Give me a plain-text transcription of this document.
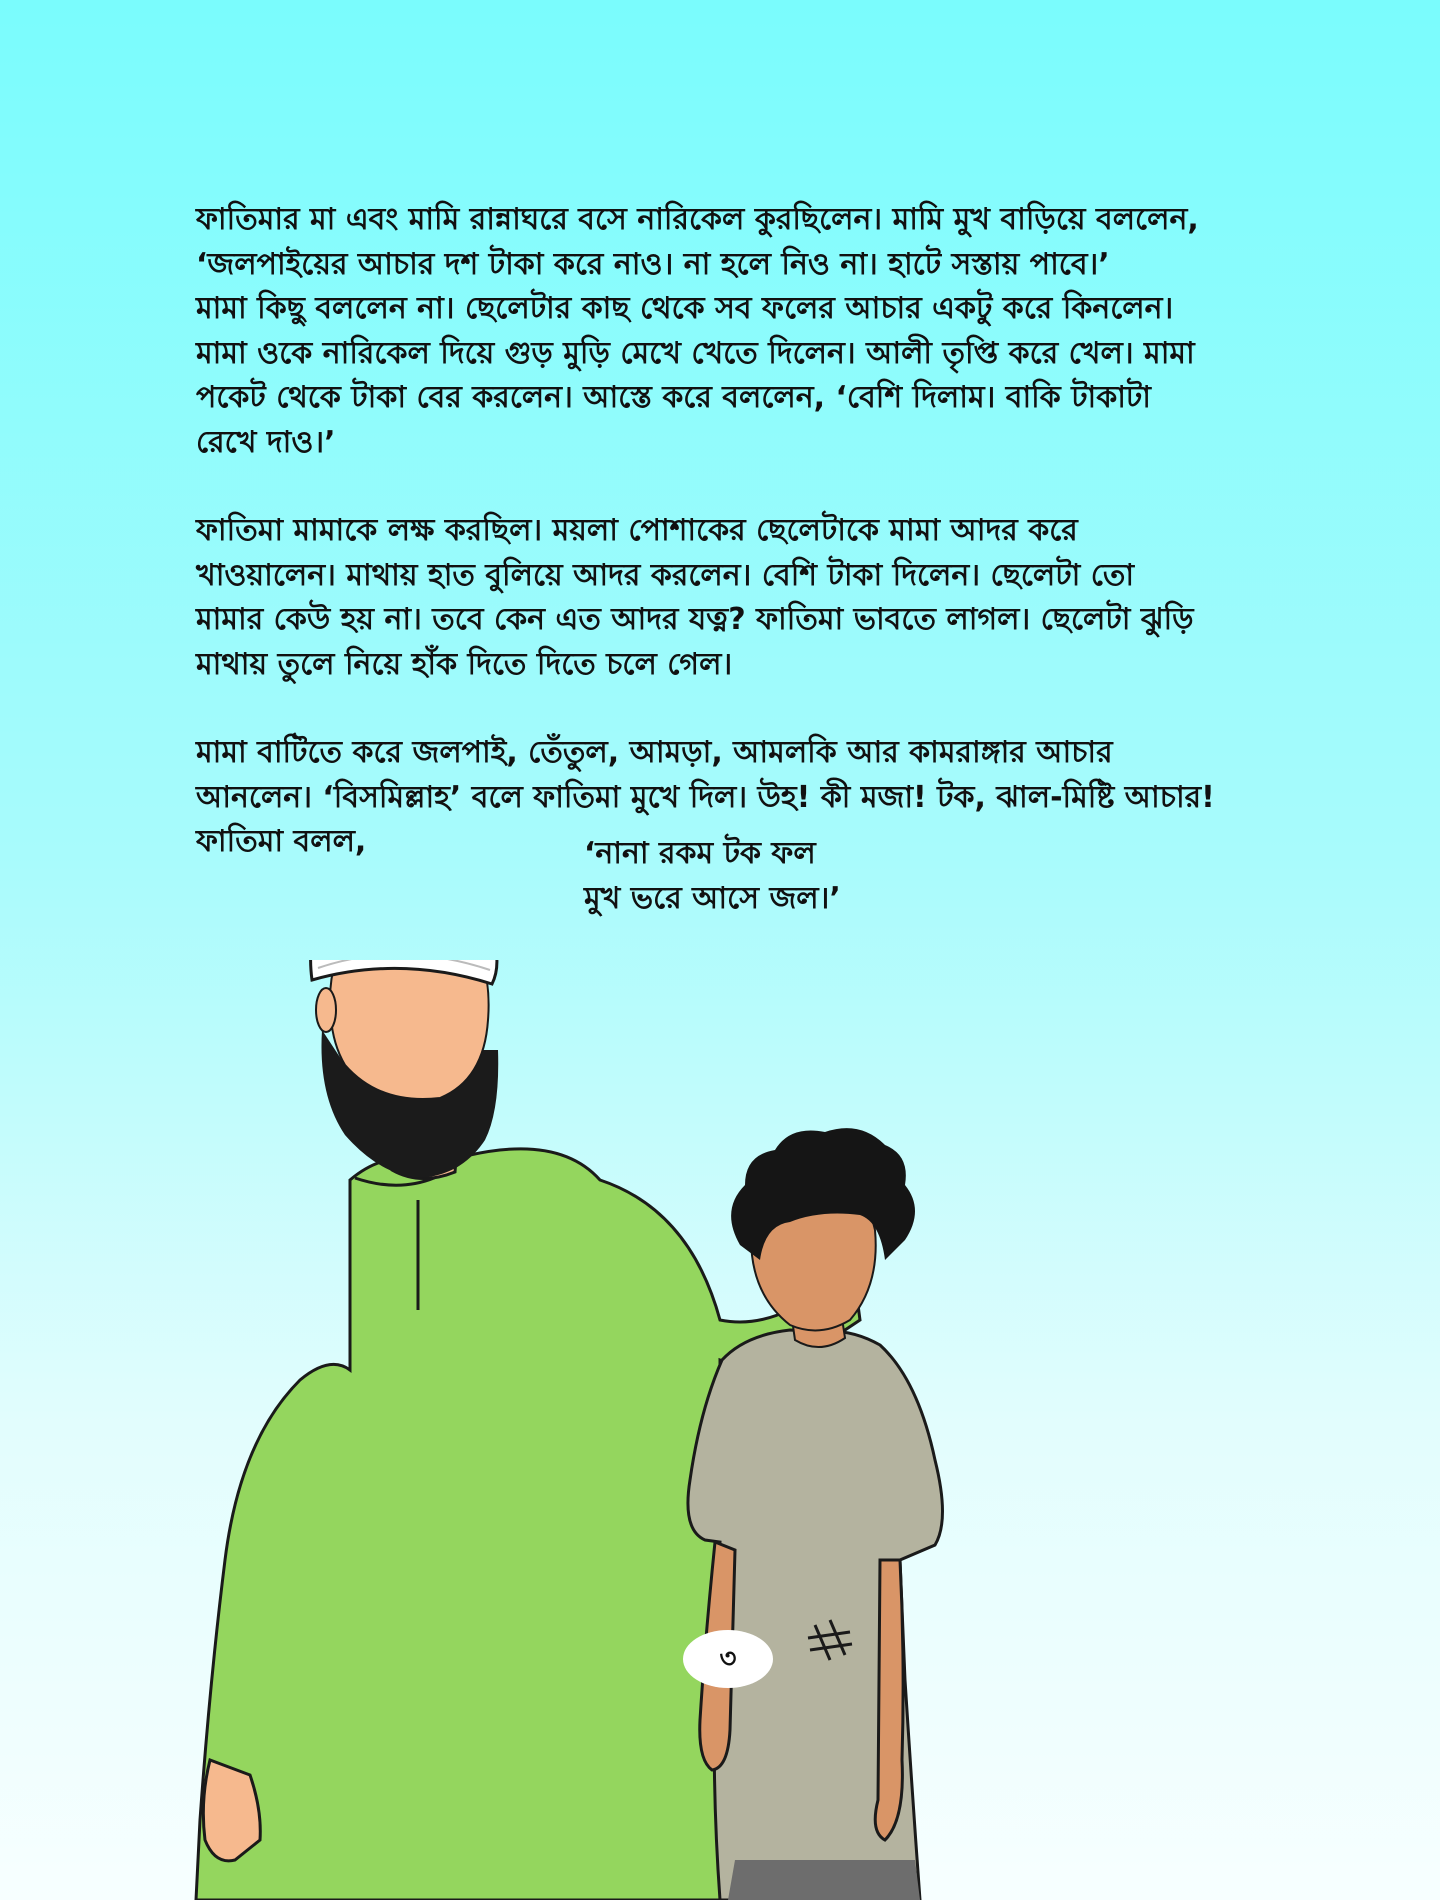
ফাতিমার মা এবং মামি রান্নাঘরে বসে নারিকেল কুরছিলেন। মামি মুখ বাড়িয়ে বললেন,
‘জলপাইয়ের আচার দশ টাকা করে নাও। না হলে নিও না। হাটে সস্তায় পাবে।’
মামা কিছু বললেন না। ছেলেটার কাছ থেকে সব ফলের আচার একটু করে কিনলেন।
মামা ওকে নারিকেল দিয়ে গুড় মুড়ি মেখে খেতে দিলেন। আলী তৃপ্তি করে খেল। মামা
পকেট থেকে টাকা বের করলেন। আস্তে করে বললেন, ‘বেশি দিলাম। বাকি টাকাটা
রেখে দাও।’

ফাতিমা মামাকে লক্ষ করছিল। ময়লা পোশাকের ছেলেটাকে মামা আদর করে
খাওয়ালেন। মাথায় হাত বুলিয়ে আদর করলেন। বেশি টাকা দিলেন। ছেলেটা তো
মামার কেউ হয় না। তবে কেন এত আদর যত্ন? ফাতিমা ভাবতে লাগল। ছেলেটা ঝুড়ি
মাথায় তুলে নিয়ে হাঁক দিতে দিতে চলে গেল।

মামা বাটিতে করে জলপাই, তেঁতুল, আমড়া, আমলকি আর কামরাঙ্গার আচার
আনলেন। ‘বিসমিল্লাহ’ বলে ফাতিমা মুখে দিল। উহ! কী মজা! টক, ঝাল-মিষ্টি আচার!
ফাতিমা বলল,	‘নানা রকম টক ফল
মুখ ভরে আসে জল।’
৩
